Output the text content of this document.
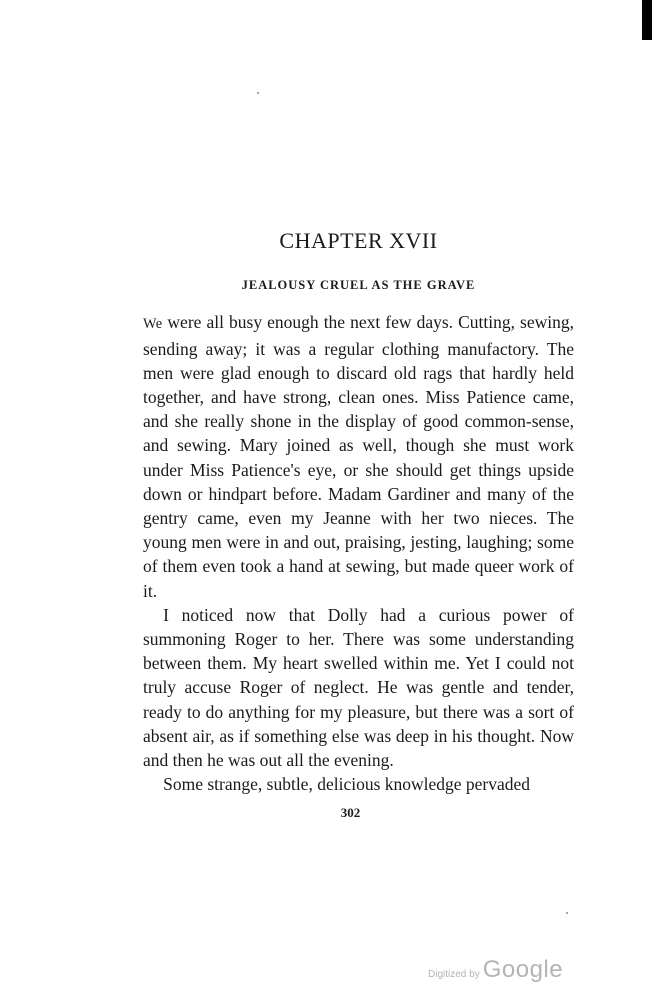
CHAPTER XVII
JEALOUSY CRUEL AS THE GRAVE

We were all busy enough the next few days. Cutting, sewing, sending away; it was a regular clothing manufactory. The men were glad enough to discard old rags that hardly held together, and have strong, clean ones. Miss Patience came, and she really shone in the display of good common-sense, and sewing. Mary joined as well, though she must work under Miss Patience's eye, or she should get things upside down or hindpart before. Madam Gardiner and many of the gentry came, even my Jeanne with her two nieces. The young men were in and out, praising, jesting, laughing; some of them even took a hand at sewing, but made queer work of it.

I noticed now that Dolly had a curious power of summoning Roger to her. There was some understanding between them. My heart swelled within me. Yet I could not truly accuse Roger of neglect. He was gentle and tender, ready to do anything for my pleasure, but there was a sort of absent air, as if something else was deep in his thought. Now and then he was out all the evening.

Some strange, subtle, delicious knowledge pervaded

302
Digitized by Google
